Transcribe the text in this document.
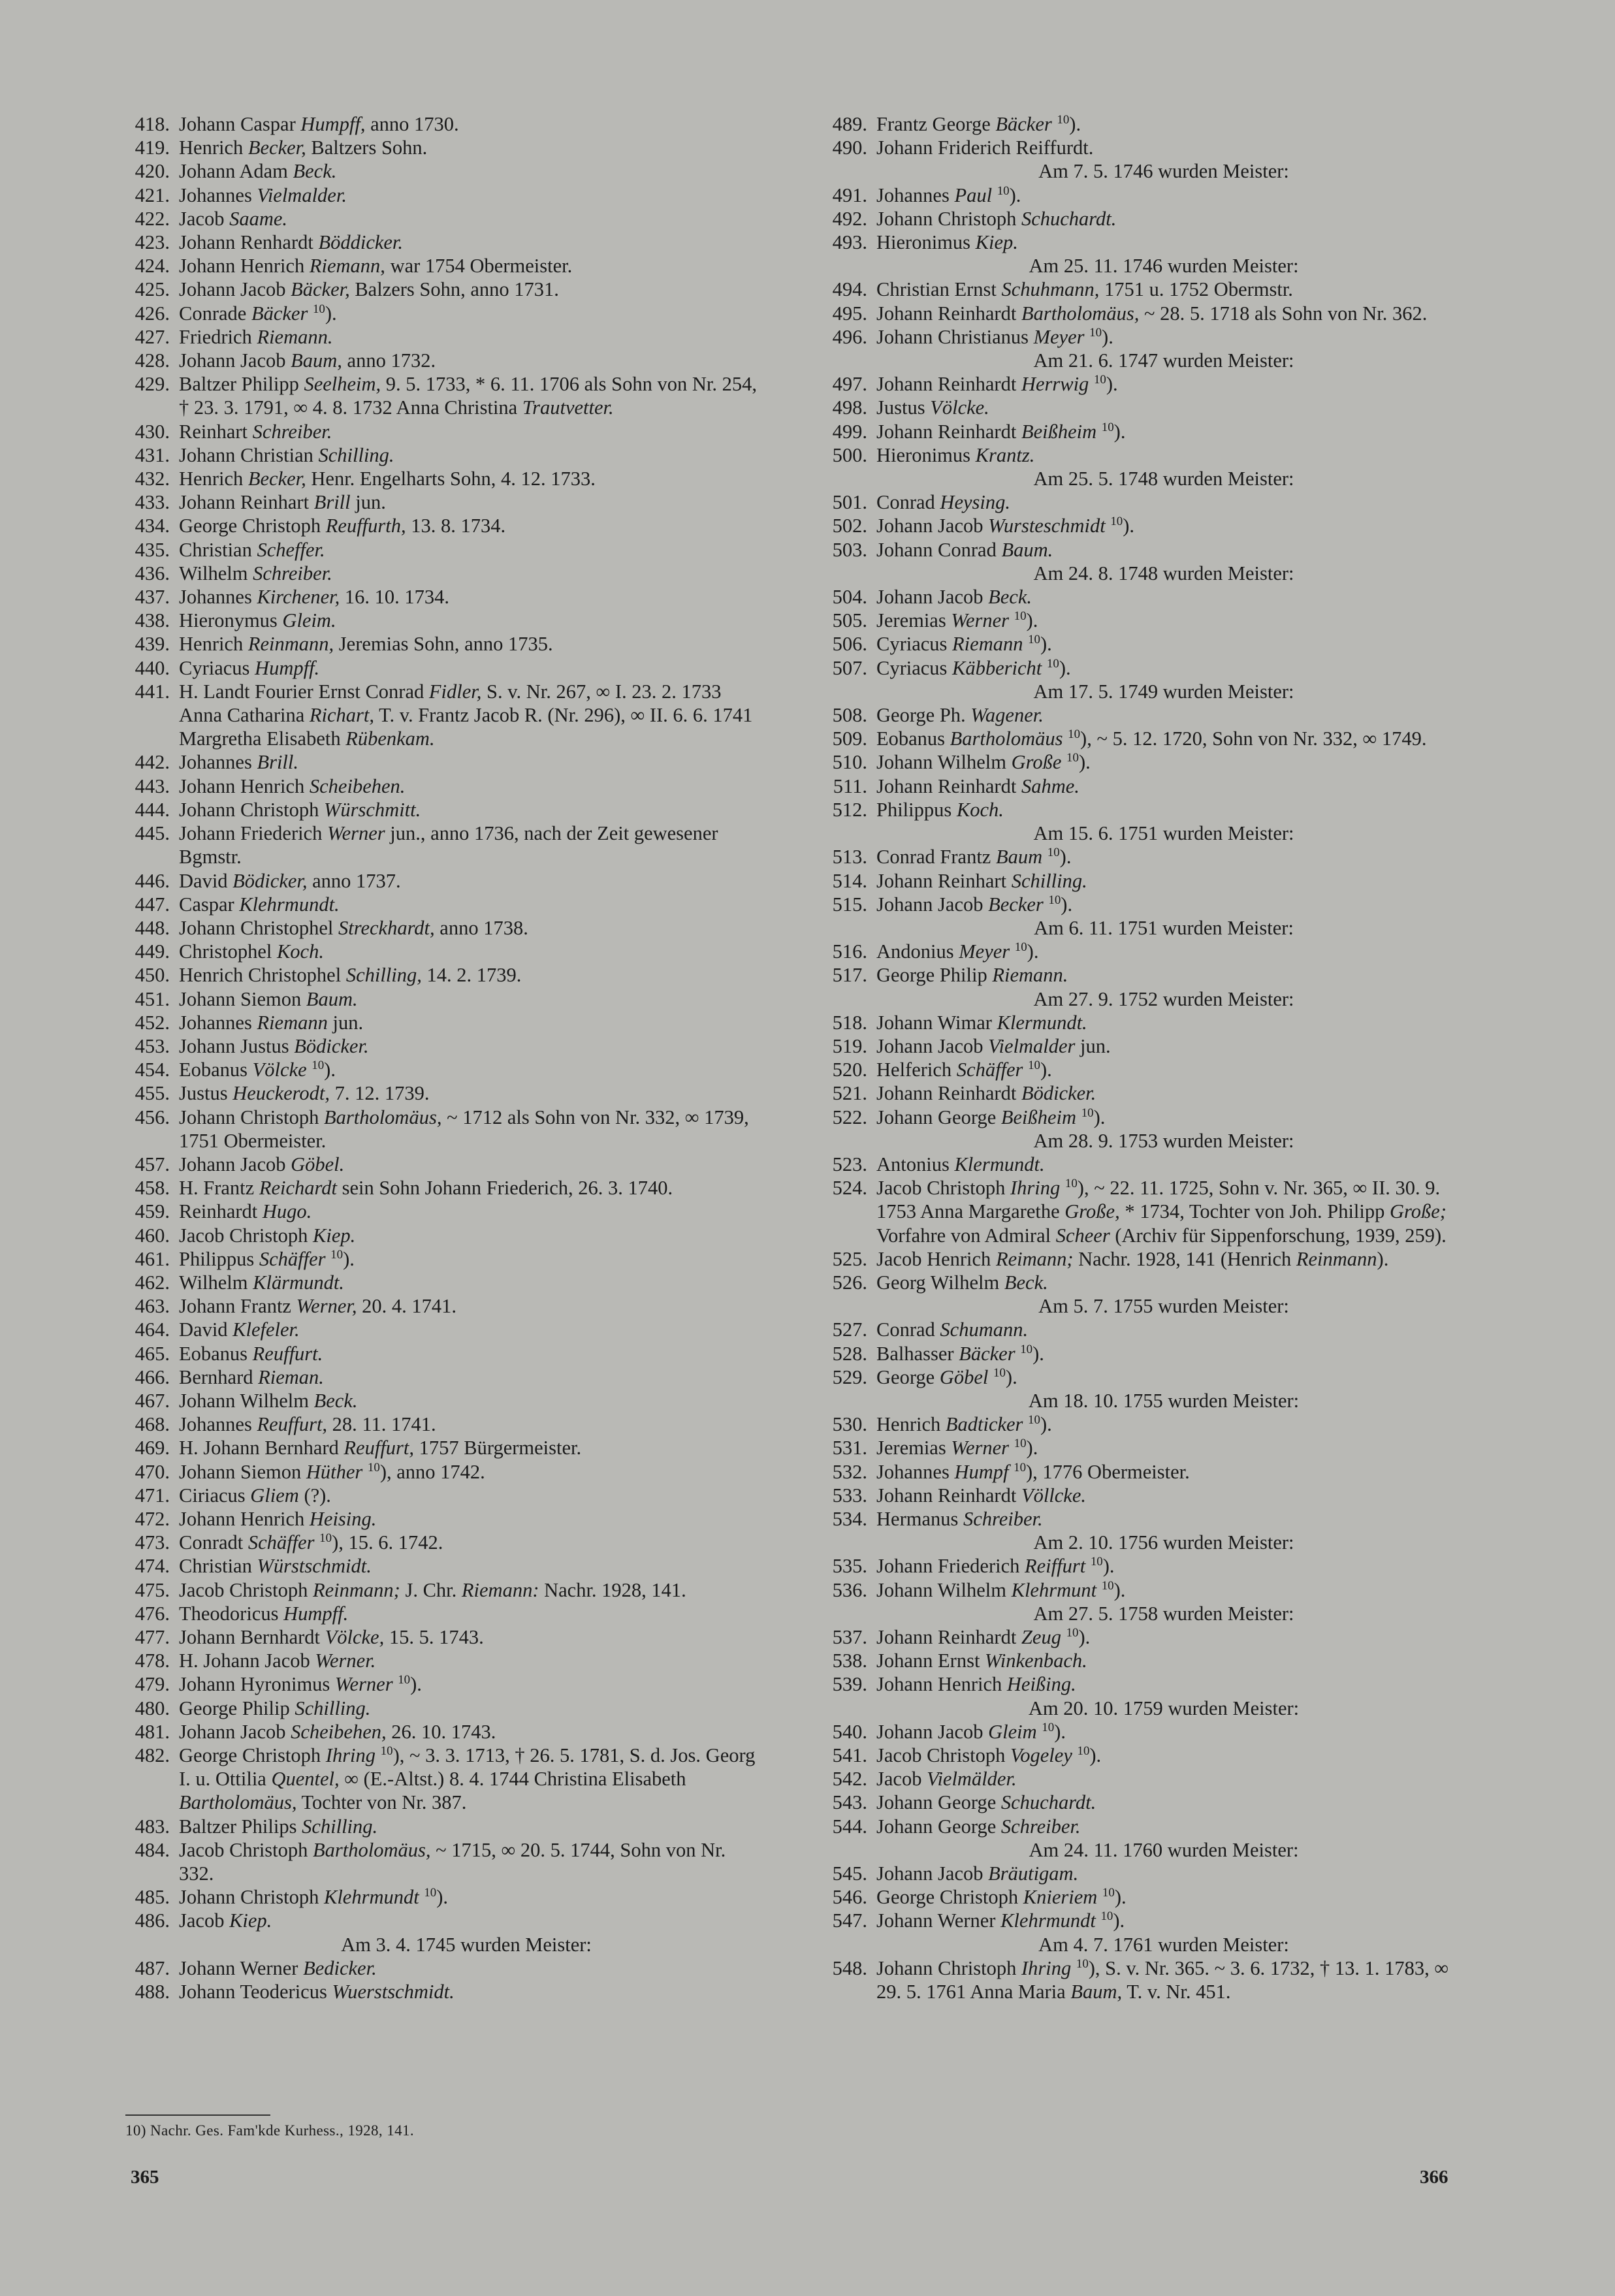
418. Johann Caspar Humpff, anno 1730.
419. Henrich Becker, Baltzers Sohn.
420. Johann Adam Beck.
421. Johannes Vielmalder.
422. Jacob Saame.
423. Johann Renhardt Böddicker.
424. Johann Henrich Riemann, war 1754 Obermeister.
425. Johann Jacob Bäcker, Balzers Sohn, anno 1731.
426. Conrade Bäcker $^{10}$).
427. Friedrich Riemann.
428. Johann Jacob Baum, anno 1732.
429. Baltzer Philipp Seelheim, 9. 5. 1733, * 6. 11. 1706 als Sohn von Nr. 254, † 23. 3. 1791, ∞ 4. 8. 1732 Anna Christina Trautvetter.
430. Reinhart Schreiber.
431. Johann Christian Schilling.
432. Henrich Becker, Henr. Engelharts Sohn, 4. 12. 1733.
433. Johann Reinhart Brill jun.
434. George Christoph Reuffurth, 13. 8. 1734.
435. Christian Scheffer.
436. Wilhelm Schreiber.
437. Johannes Kirchener, 16. 10. 1734.
438. Hieronymus Gleim.
439. Henrich Reinmann, Jeremias Sohn, anno 1735.
440. Cyriacus Humpff.
441. H. Landt Fourier Ernst Conrad Fidler, S. v. Nr. 267, ∞ I. 23. 2. 1733 Anna Catharina Richart, T. v. Frantz Jacob R. (Nr. 296), ∞ II. 6. 6. 1741 Margretha Elisabeth Rübenkam.
442. Johannes Brill.
443. Johann Henrich Scheibehen.
444. Johann Christoph Würschmitt.
445. Johann Friederich Werner jun., anno 1736, nach der Zeit gewesener Bgmstr.
446. David Bödicker, anno 1737.
447. Caspar Klehrmundt.
448. Johann Christophel Streckhardt, anno 1738.
449. Christophel Koch.
450. Henrich Christophel Schilling, 14. 2. 1739.
451. Johann Siemon Baum.
452. Johannes Riemann jun.
453. Johann Justus Bödicker.
454. Eobanus Völcke $^{10}$).
455. Justus Heuckerodt, 7. 12. 1739.
456. Johann Christoph Bartholomäus, ~ 1712 als Sohn von Nr. 332, ∞ 1739, 1751 Obermeister.
457. Johann Jacob Göbel.
458. H. Frantz Reichardt sein Sohn Johann Friederich, 26. 3. 1740.
459. Reinhardt Hugo.
460. Jacob Christoph Kiep.
461. Philippus Schäffer $^{10}$).
462. Wilhelm Klärmundt.
463. Johann Frantz Werner, 20. 4. 1741.
464. David Klefeler.
465. Eobanus Reuffurt.
466. Bernhard Rieman.
467. Johann Wilhelm Beck.
468. Johannes Reuffurt, 28. 11. 1741.
469. H. Johann Bernhard Reuffurt, 1757 Bürgermeister.
470. Johann Siemon Hüther $^{10}$), anno 1742.
471. Ciriacus Gliem (?).
472. Johann Henrich Heising.
473. Conradt Schäffer $^{10}$), 15. 6. 1742.
474. Christian Würstschmidt.
475. Jacob Christoph Reinmann; J. Chr. Riemann: Nachr. 1928, 141.
476. Theodoricus Humpff.
477. Johann Bernhardt Völcke, 15. 5. 1743.
478. H. Johann Jacob Werner.
479. Johann Hyronimus Werner $^{10}$).
480. George Philip Schilling.
481. Johann Jacob Scheibehen, 26. 10. 1743.
482. George Christoph Ihring $^{10}$), ~ 3. 3. 1713, † 26. 5. 1781, S. d. Jos. Georg I. u. Ottilia Quentel, ∞ (E.-Altst.) 8. 4. 1744 Christina Elisabeth Bartholomäus, Tochter von Nr. 387.
483. Baltzer Philips Schilling.
484. Jacob Christoph Bartholomäus, ~ 1715, ∞ 20. 5. 1744, Sohn von Nr. 332.
485. Johann Christoph Klehrmundt $^{10}$).
486. Jacob Kiep.
Am 3. 4. 1745 wurden Meister:
487. Johann Werner Bedicker.
488. Johann Teodericus Wuerstschmidt.
489. Frantz George Bäcker $^{10}$).
490. Johann Friderich Reiffurdt.
Am 7. 5. 1746 wurden Meister:
491. Johannes Paul $^{10}$).
492. Johann Christoph Schuchardt.
493. Hieronimus Kiep.
Am 25. 11. 1746 wurden Meister:
494. Christian Ernst Schuhmann, 1751 u. 1752 Obermstr.
495. Johann Reinhardt Bartholomäus, ~ 28. 5. 1718 als Sohn von Nr. 362.
496. Johann Christianus Meyer $^{10}$).
Am 21. 6. 1747 wurden Meister:
497. Johann Reinhardt Herrwig $^{10}$).
498. Justus Völcke.
499. Johann Reinhardt Beißheim $^{10}$).
500. Hieronimus Krantz.
Am 25. 5. 1748 wurden Meister:
501. Conrad Heysing.
502. Johann Jacob Wursteschmidt $^{10}$).
503. Johann Conrad Baum.
Am 24. 8. 1748 wurden Meister:
504. Johann Jacob Beck.
505. Jeremias Werner $^{10}$).
506. Cyriacus Riemann $^{10}$).
507. Cyriacus Käbbericht $^{10}$).
Am 17. 5. 1749 wurden Meister:
508. George Ph. Wagener.
509. Eobanus Bartholomäus $^{10}$), ~ 5. 12. 1720, Sohn von Nr. 332, ∞ 1749.
510. Johann Wilhelm Große $^{10}$).
511. Johann Reinhardt Sahme.
512. Philippus Koch.
Am 15. 6. 1751 wurden Meister:
513. Conrad Frantz Baum $^{10}$).
514. Johann Reinhart Schilling.
515. Johann Jacob Becker $^{10}$).
Am 6. 11. 1751 wurden Meister:
516. Andonius Meyer $^{10}$).
517. George Philip Riemann.
Am 27. 9. 1752 wurden Meister:
518. Johann Wimar Klermundt.
519. Johann Jacob Vielmalder jun.
520. Helferich Schäffer $^{10}$).
521. Johann Reinhardt Bödicker.
522. Johann George Beißheim $^{10}$).
Am 28. 9. 1753 wurden Meister:
523. Antonius Klermundt.
524. Jacob Christoph Ihring $^{10}$), ~ 22. 11. 1725, Sohn v. Nr. 365, ∞ II. 30. 9. 1753 Anna Margarethe Große, * 1734, Tochter von Joh. Philipp Große; Vorfahre von Admiral Scheer (Archiv für Sippenforschung, 1939, 259).
525. Jacob Henrich Reimann; Nachr. 1928, 141 (Henrich Reinmann).
526. Georg Wilhelm Beck.
Am 5. 7. 1755 wurden Meister:
527. Conrad Schumann.
528. Balhasser Bäcker $^{10}$).
529. George Göbel $^{10}$).
Am 18. 10. 1755 wurden Meister:
530. Henrich Badticker $^{10}$).
531. Jeremias Werner $^{10}$).
532. Johannes Humpf $^{10}$), 1776 Obermeister.
533. Johann Reinhardt Völlcke.
534. Hermanus Schreiber.
Am 2. 10. 1756 wurden Meister:
535. Johann Friederich Reiffurt $^{10}$).
536. Johann Wilhelm Klehrmunt $^{10}$).
Am 27. 5. 1758 wurden Meister:
537. Johann Reinhardt Zeug $^{10}$).
538. Johann Ernst Winkenbach.
539. Johann Henrich Heißing.
Am 20. 10. 1759 wurden Meister:
540. Johann Jacob Gleim $^{10}$).
541. Jacob Christoph Vogeley $^{10}$).
542. Jacob Vielmälder.
543. Johann George Schuchardt.
544. Johann George Schreiber.
Am 24. 11. 1760 wurden Meister:
545. Johann Jacob Bräutigam.
546. George Christoph Knieriem $^{10}$).
547. Johann Werner Klehrmundt $^{10}$).
Am 4. 7. 1761 wurden Meister:
548. Johann Christoph Ihring $^{10}$), S. v. Nr. 365. ~ 3. 6. 1732, † 13. 1. 1783, ∞ 29. 5. 1761 Anna Maria Baum, T. v. Nr. 451.
10) Nachr. Ges. Fam'kde Kurhess., 1928, 141.
365	366
